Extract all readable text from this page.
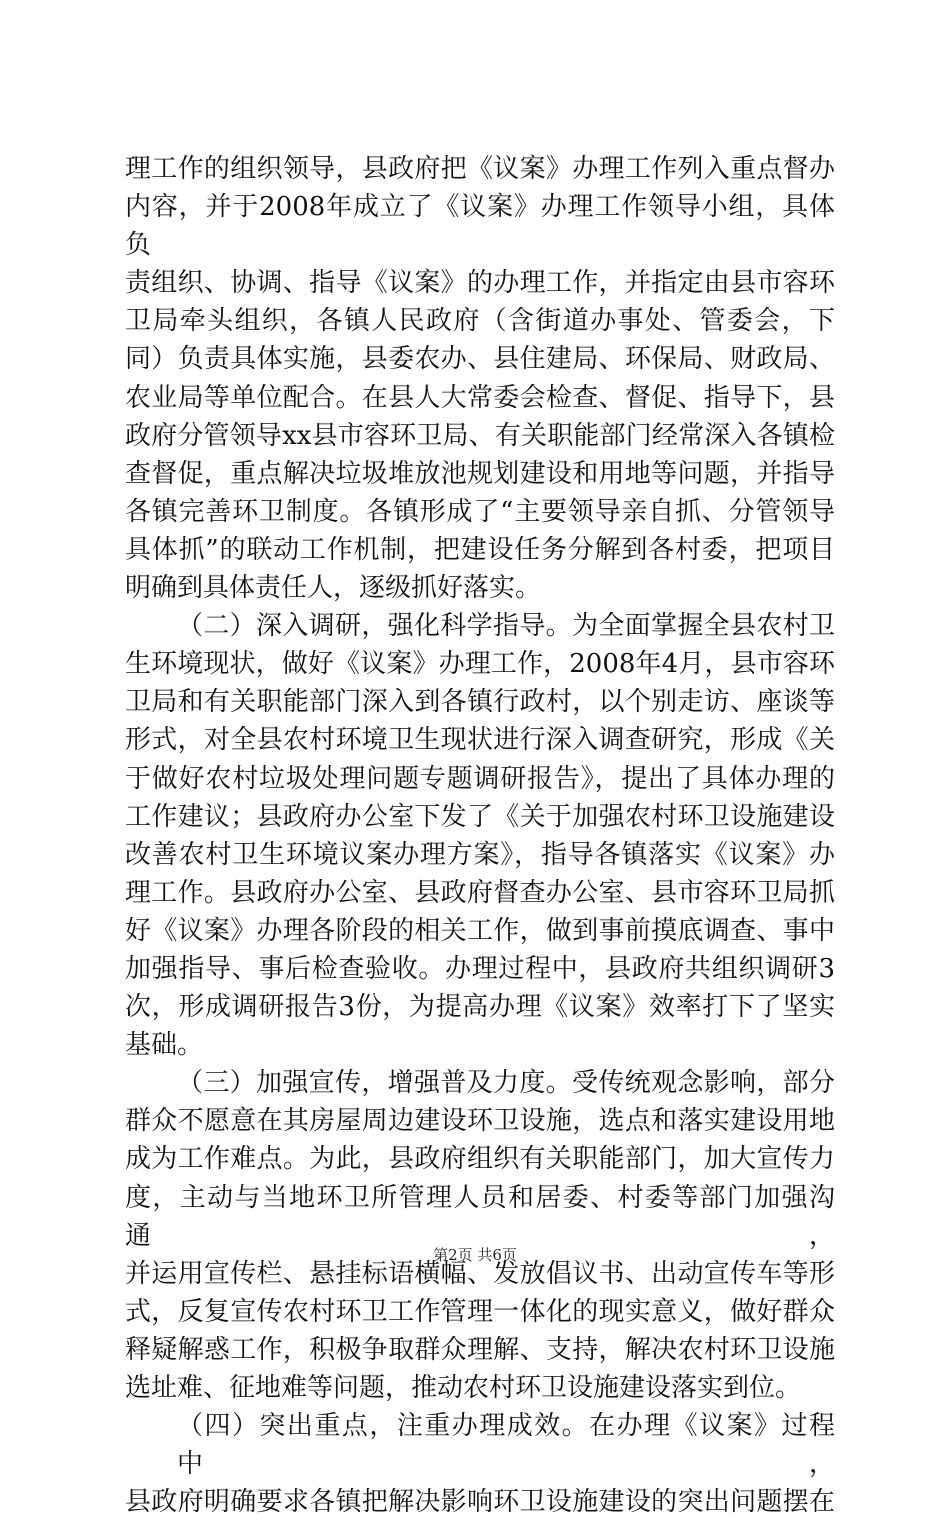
理工作的组织领导，县政府把《议案》办理工作列入重点督办

内容，并于2008年成立了《议案》办理工作领导小组，具体负

责组织、协调、指导《议案》的办理工作，并指定由县市容环

卫局牵头组织，各镇人民政府（含街道办事处、管委会，下

同）负责具体实施，县委农办、县住建局、环保局、财政局、

农业局等单位配合。在县人大常委会检查、督促、指导下，县

政府分管领导xx县市容环卫局、有关职能部门经常深入各镇检

查督促，重点解决垃圾堆放池规划建设和用地等问题，并指导

各镇完善环卫制度。各镇形成了“主要领导亲自抓、分管领导

具体抓”的联动工作机制，把建设任务分解到各村委，把项目

明确到具体责任人，逐级抓好落实。

（二）深入调研，强化科学指导。为全面掌握全县农村卫

生环境现状，做好《议案》办理工作，2008年4月，县市容环

卫局和有关职能部门深入到各镇行政村，以个别走访、座谈等

形式，对全县农村环境卫生现状进行深入调查研究，形成《关

于做好农村垃圾处理问题专题调研报告》，提出了具体办理的

工作建议；县政府办公室下发了《关于加强农村环卫设施建设

改善农村卫生环境议案办理方案》，指导各镇落实《议案》办

理工作。县政府办公室、县政府督查办公室、县市容环卫局抓

好《议案》办理各阶段的相关工作，做到事前摸底调查、事中

加强指导、事后检查验收。办理过程中，县政府共组织调研3

次，形成调研报告3份，为提高办理《议案》效率打下了坚实

基础。

（三）加强宣传，增强普及力度。受传统观念影响，部分

群众不愿意在其房屋周边建设环卫设施，选点和落实建设用地

成为工作难点。为此，县政府组织有关职能部门，加大宣传力

度，主动与当地环卫所管理人员和居委、村委等部门加强沟通，

并运用宣传栏、悬挂标语横幅、发放倡议书、出动宣传车等形

式，反复宣传农村环卫工作管理一体化的现实意义，做好群众

释疑解惑工作，积极争取群众理解、支持，解决农村环卫设施

选址难、征地难等问题，推动农村环卫设施建设落实到位。

（四）突出重点，注重办理成效。在办理《议案》过程中，

县政府明确要求各镇把解决影响环卫设施建设的突出问题摆在

第2页 共6页
